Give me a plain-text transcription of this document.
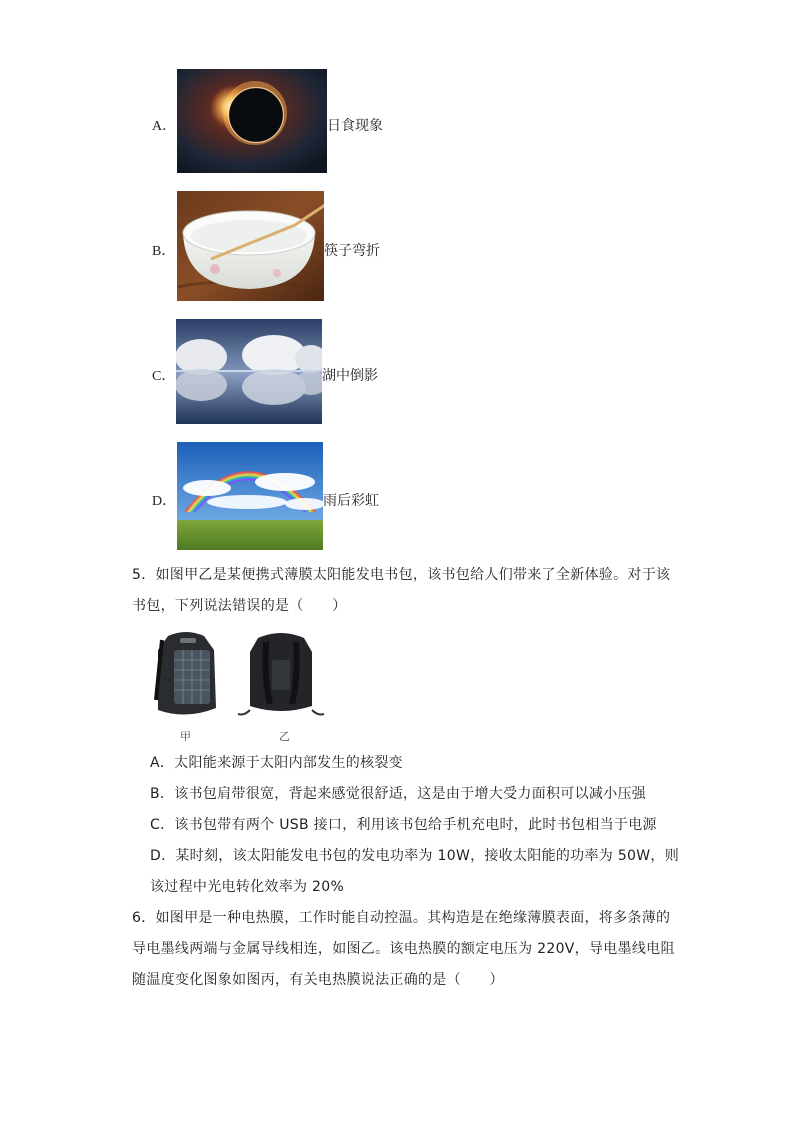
A．	日食现象
B．	筷子弯折
C．	湖中倒影
D．	雨后彩虹
5．如图甲乙是某便携式薄膜太阳能发电书包，该书包给人们带来了全新体验。对于该
书包，下列说法错误的是（　　）
甲	乙
A．太阳能来源于太阳内部发生的核裂变
B．该书包肩带很宽，背起来感觉很舒适，这是由于增大受力面积可以减小压强
C．该书包带有两个 USB 接口，利用该书包给手机充电时，此时书包相当于电源
D．某时刻，该太阳能发电书包的发电功率为 10W，接收太阳能的功率为 50W，则
该过程中光电转化效率为 20%
6．如图甲是一种电热膜，工作时能自动控温。其构造是在绝缘薄膜表面，将多条薄的
导电墨线两端与金属导线相连，如图乙。该电热膜的额定电压为 220V，导电墨线电阻
随温度变化图象如图丙，有关电热膜说法正确的是（　　）
